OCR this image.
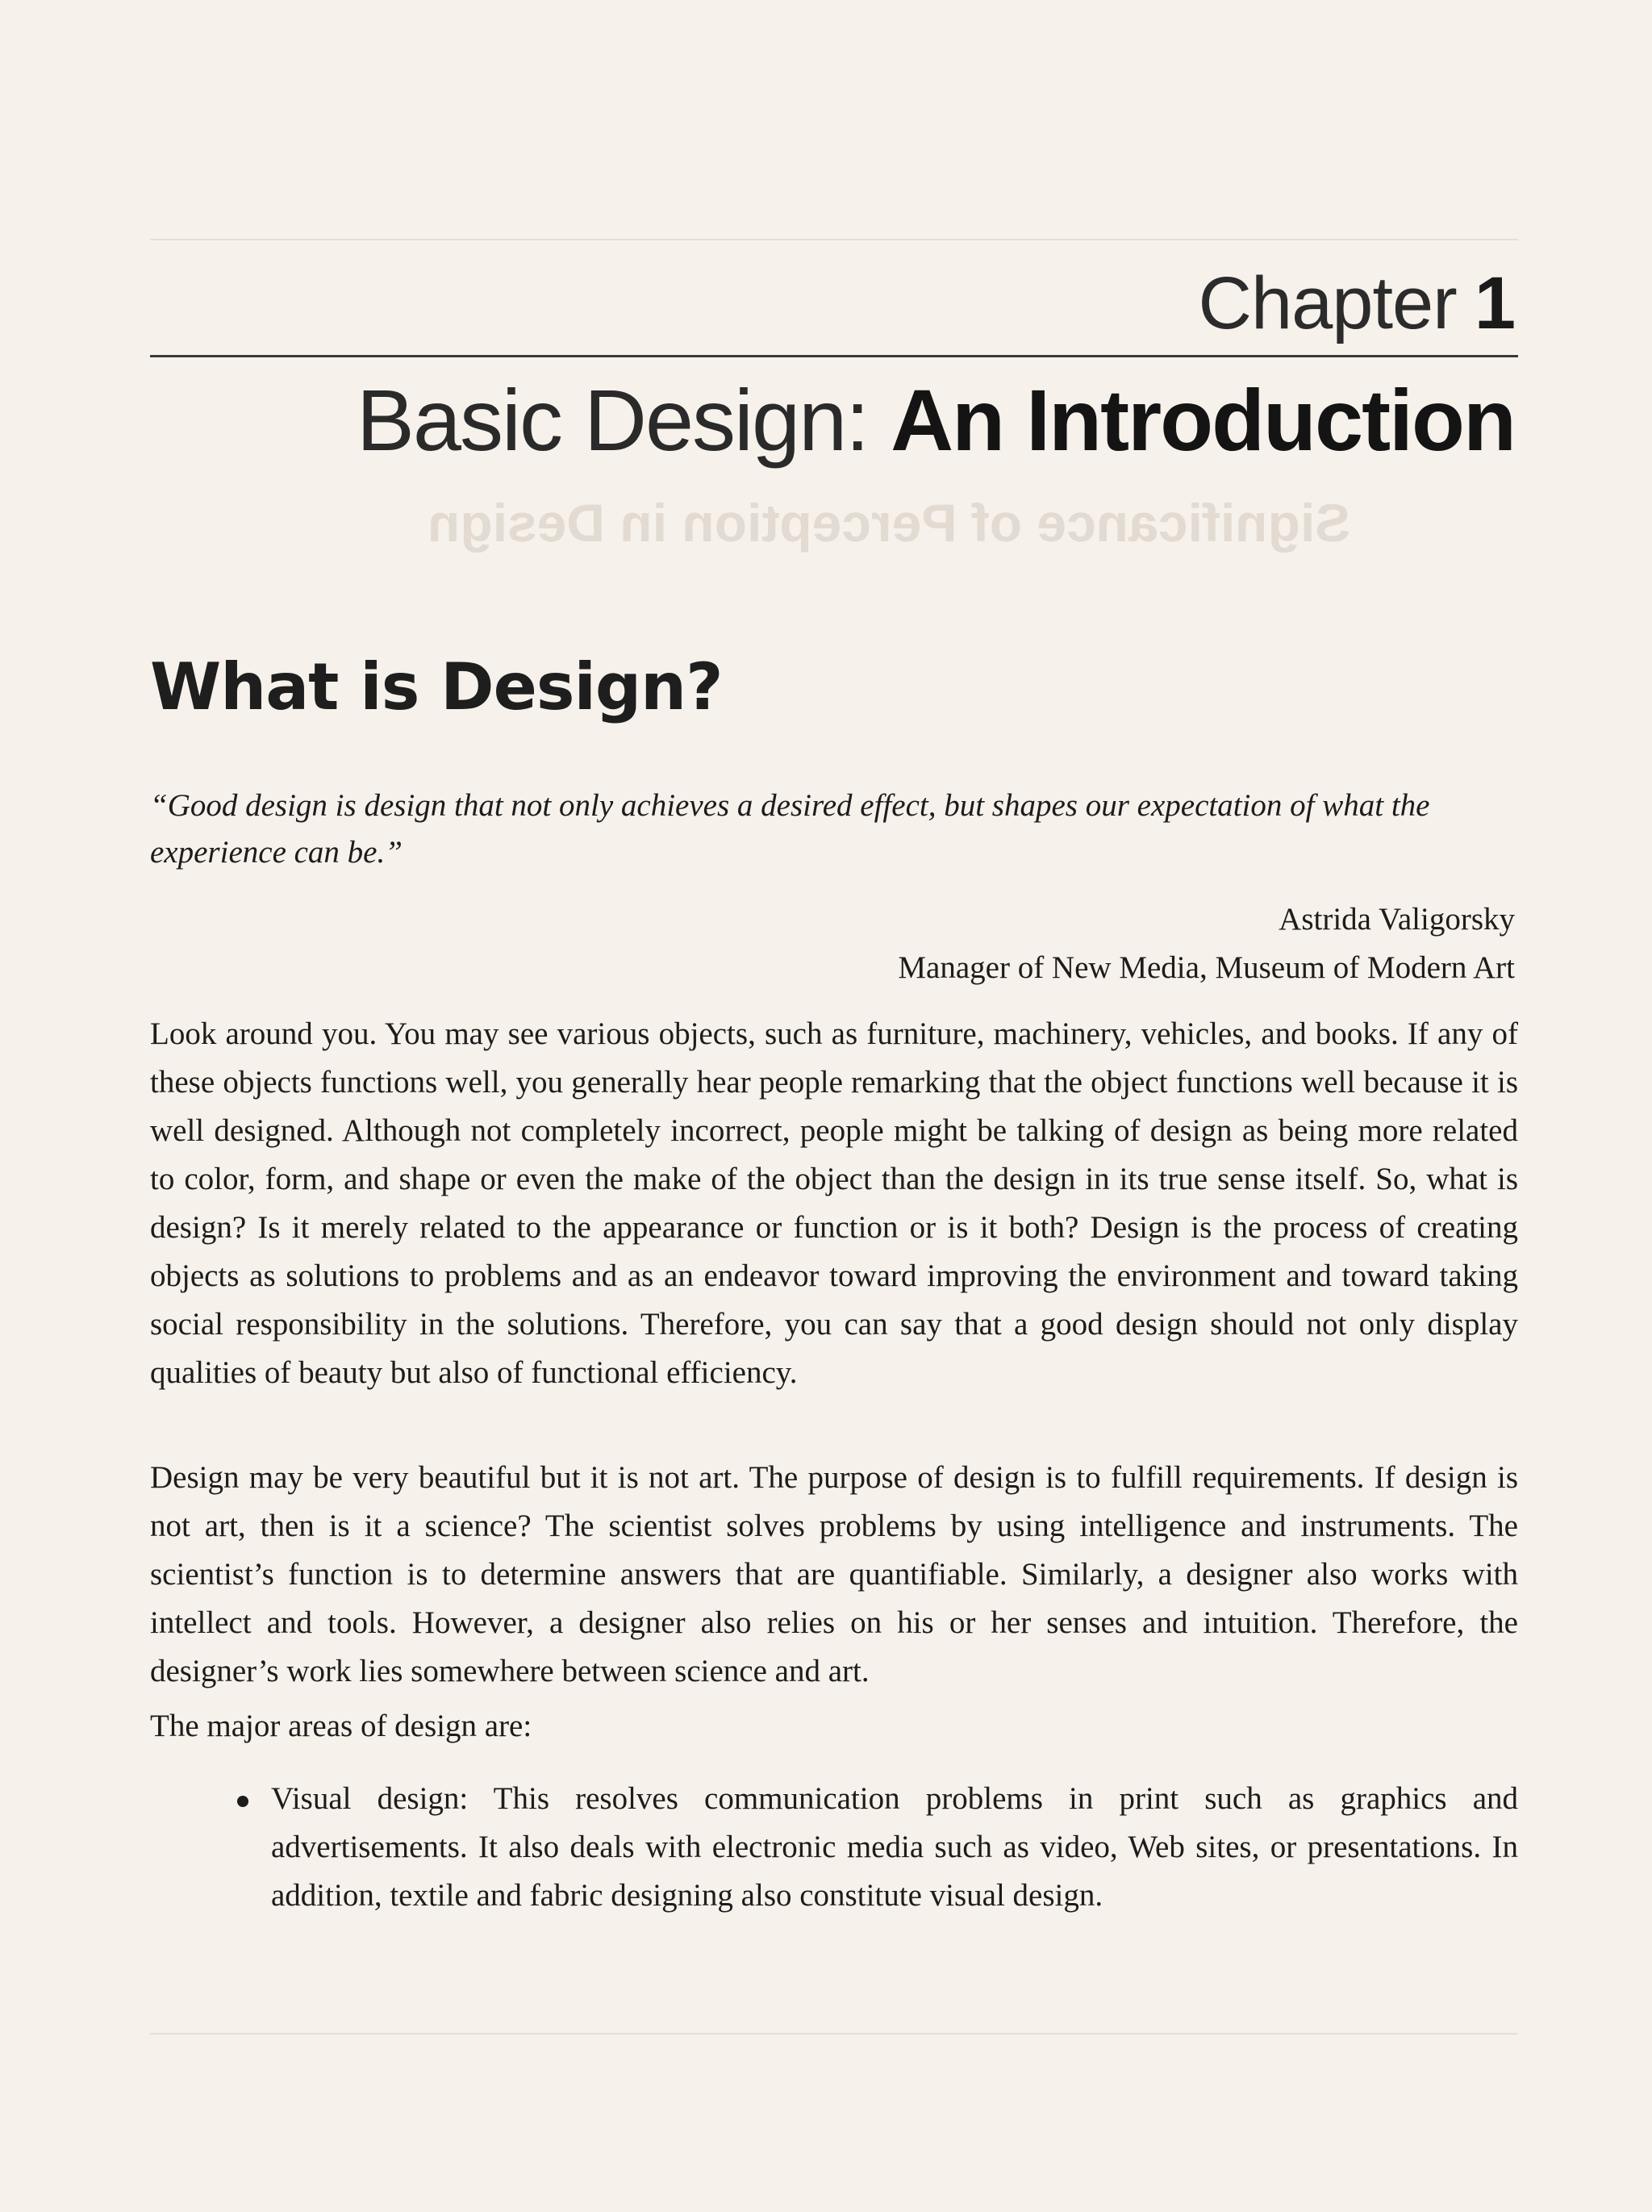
Significance of Perception in Design
Chapter 1
Basic Design: An Introduction
What is Design?

“Good design is design that not only achieves a desired effect, but shapes our expectation of what the experience can be.”

Astrida Valigorsky
Manager of New Media, Museum of Modern Art

Look around you. You may see various objects, such as furniture, machinery, vehicles, and books. If any of these objects functions well, you generally hear people remarking that the object functions well because it is well designed. Although not completely incorrect, people might be talking of design as being more related to color, form, and shape or even the make of the object than the design in its true sense itself. So, what is design? Is it merely related to the appearance or function or is it both? Design is the process of creating objects as solutions to problems and as an endeavor toward improving the environment and toward taking social responsibility in the solutions. Therefore, you can say that a good design should not only display qualities of beauty but also of functional efficiency.

Design may be very beautiful but it is not art. The purpose of design is to fulfill requirements. If design is not art, then is it a science? The scientist solves problems by using intelligence and instruments. The scientist’s function is to determine answers that are quantifiable. Similarly, a designer also works with intellect and tools. However, a designer also relies on his or her senses and intuition. Therefore, the designer’s work lies somewhere between science and art.

The major areas of design are:

Visual design: This resolves communication problems in print such as graphics and advertisements. It also deals with electronic media such as video, Web sites, or presentations. In addition, textile and fabric designing also constitute visual design.
